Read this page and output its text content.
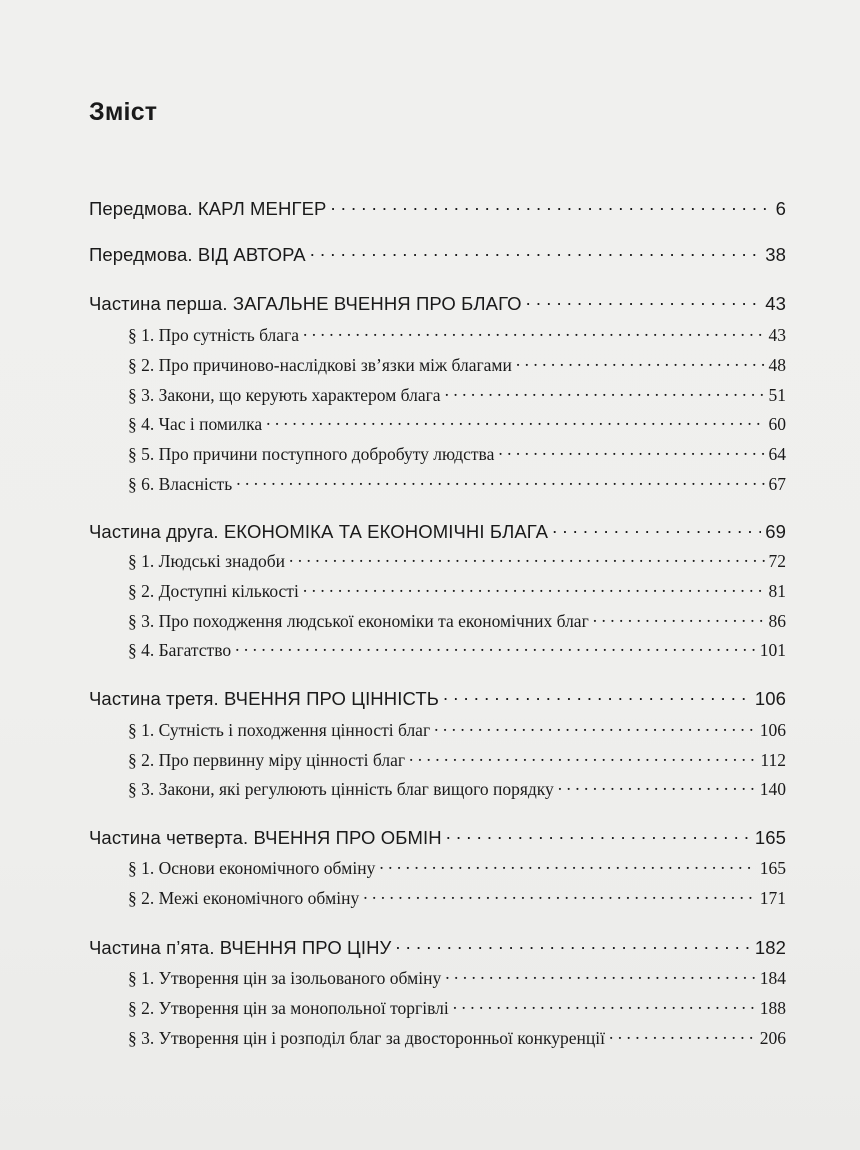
Зміст
Передмова. КАРЛ МЕНГЕР . . .	6
Передмова. ВІД АВТОРА . . .	38
Частина перша. ЗАГАЛЬНЕ ВЧЕННЯ ПРО БЛАГО . . .	43
§ 1. Про сутність блага . . .	43
§ 2. Про причиново-наслідкові зв’язки між благами . . .	48
§ 3. Закони, що керують характером блага . . .	51
§ 4. Час і помилка . . .	60
§ 5. Про причини поступного добробуту людства . . .	64
§ 6. Власність . . .	67
Частина друга. ЕКОНОМІКА ТА ЕКОНОМІЧНІ БЛАГА . . .	69
§ 1. Людські знадоби . . .	72
§ 2. Доступні кількості . . .	81
§ 3. Про походження людської економіки та економічних благ . . .	86
§ 4. Багатство . . .	101
Частина третя. ВЧЕННЯ ПРО ЦІННІСТЬ . . .	106
§ 1. Сутність і походження цінності благ . . .	106
§ 2. Про первинну міру цінності благ . . .	112
§ 3. Закони, які регулюють цінність благ вищого порядку . . .	140
Частина четверта. ВЧЕННЯ ПРО ОБМІН . . .	165
§ 1. Основи економічного обміну . . .	165
§ 2. Межі економічного обміну . . .	171
Частина п’ята. ВЧЕННЯ ПРО ЦІНУ . . .	182
§ 1. Утворення цін за ізольованого обміну . . .	184
§ 2. Утворення цін за монопольної торгівлі . . .	188
§ 3. Утворення цін і розподіл благ за двосторонньої конкуренції . . .	206
